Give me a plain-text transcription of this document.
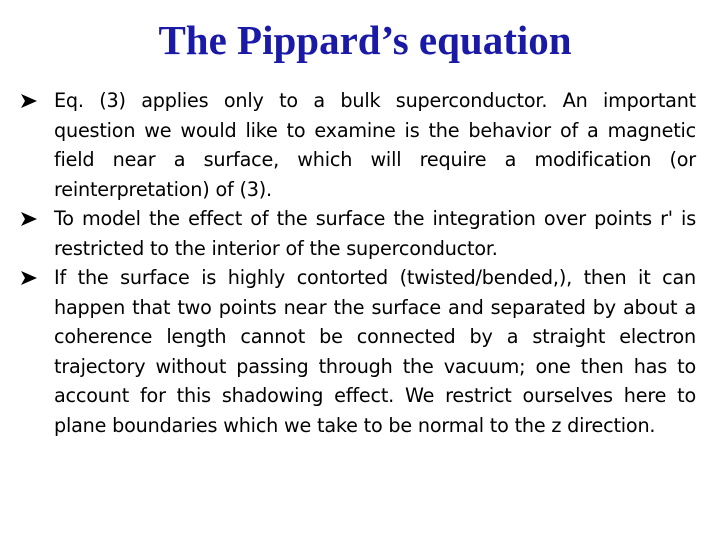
The Pippard’s equation
Eq. (3) applies only to a bulk superconductor. An important question we would like to examine is the behavior of a magnetic field near a surface, which will require a modification (or reinterpretation) of (3).
To model the effect of the surface the integration over points r' is restricted to the interior of the superconductor.
If the surface is highly contorted (twisted/bended,), then it can happen that two points near the surface and separated by about a coherence length cannot be connected by a straight electron trajectory without passing through the vacuum; one then has to account for this shadowing effect. We restrict ourselves here to plane boundaries which we take to be normal to the z direction.
